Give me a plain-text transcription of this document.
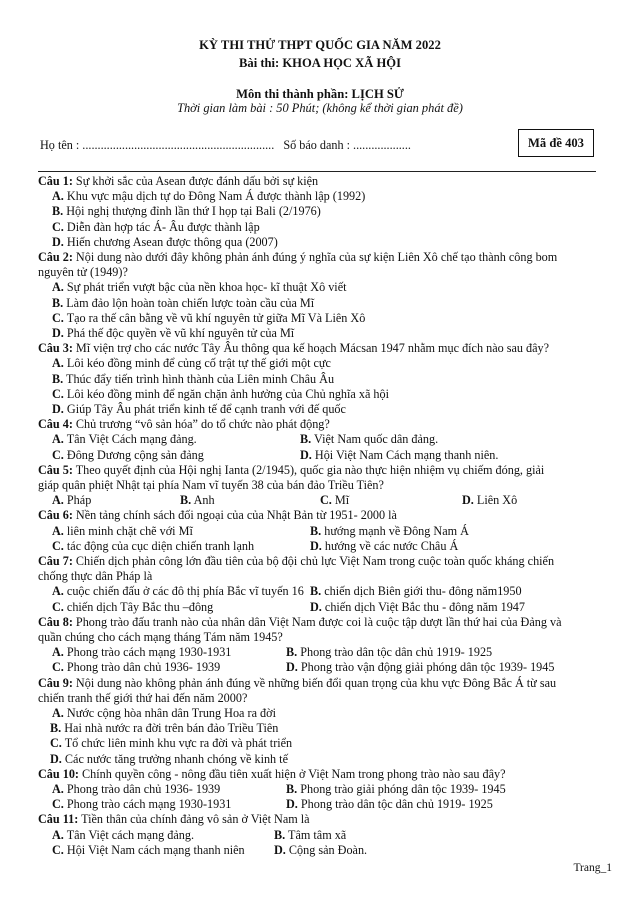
KỲ THI THỬ THPT QUỐC GIA NĂM 2022
Bài thi: KHOA HỌC XÃ HỘI
Môn thi thành phần: LỊCH SỬ
Thời gian làm bài : 50 Phút; (không kể thời gian phát đề)
Họ tên : ............................................................... Số báo danh : ...................	Mã đề 403
Câu 1: Sự khởi sắc của Asean được đánh dấu bởi sự kiện
A. Khu vực mậu dịch tự do Đông Nam Á được thành lập (1992)
B. Hội nghị thượng đỉnh lần thứ I họp tại Bali (2/1976)
C. Diễn đàn hợp tác Á- Âu được thành lập
D. Hiến chương Asean được thông qua (2007)
Câu 2: Nội dung nào dưới đây không phản ánh đúng ý nghĩa của sự kiện Liên Xô chế tạo thành công bom
nguyên tử (1949)?
A. Sự phát triển vượt bậc của nền khoa học- kĩ thuật Xô viết
B. Làm đảo lộn hoàn toàn chiến lược toàn cầu của Mĩ
C. Tạo ra thế cân bằng về vũ khí nguyên tử giữa Mĩ Và Liên Xô
D. Phá thế độc quyền về vũ khí nguyên tử của Mĩ
Câu 3: Mĩ viện trợ cho các nước Tây Âu thông qua kế hoạch Mácsan 1947 nhằm mục đích nào sau đây?
A. Lôi kéo đồng minh để củng cố trật tự thế giới một cực
B. Thúc đẩy tiến trình hình thành của Liên minh Châu Âu
C. Lôi kéo đồng minh để ngăn chặn ảnh hưởng của Chủ nghĩa xã hội
D. Giúp Tây Âu phát triển kinh tế để cạnh tranh với đế quốc
Câu 4: Chủ trương “vô sản hóa” do tổ chức nào phát động?
A. Tân Việt Cách mạng đảng.	B. Việt Nam quốc dân đảng.
C. Đông Dương cộng sản đảng	D. Hội Việt Nam Cách mạng thanh niên.
Câu 5: Theo quyết định của Hội nghị Ianta (2/1945), quốc gia nào thực hiện nhiệm vụ chiếm đóng, giải
giáp quân phiệt Nhật tại phía Nam vĩ tuyến 38 của bán đảo Triều Tiên?
A. Pháp	B. Anh	C. Mĩ	D. Liên Xô
Câu 6: Nền tảng chính sách đối ngoại của của Nhật Bản từ 1951- 2000 là
A. liên minh chặt chẽ với Mĩ	B. hướng mạnh về Đông Nam Á
C. tác động của cục diện chiến tranh lạnh	D. hướng về các nước Châu Á
Câu 7: Chiến dịch phản công lớn đầu tiên của bộ đội chủ lực Việt Nam trong cuộc toàn quốc kháng chiến
chống thực dân Pháp là
A. cuộc chiến đấu ở các đô thị phía Bắc vĩ tuyến 16 B. chiến dịch Biên giới thu- đông năm1950
C. chiến dịch Tây Bắc thu –đông	D. chiến dịch Việt Bắc thu - đông năm 1947
Câu 8: Phong trào đấu tranh nào của nhân dân Việt Nam được coi là cuộc tập dượt lần thứ hai của Đảng và
quần chúng cho cách mạng tháng Tám năm 1945?
A. Phong trào cách mạng 1930-1931	B. Phong trào dân tộc dân chủ 1919- 1925
C. Phong trào dân chủ 1936- 1939	D. Phong trào vận động giải phóng dân tộc 1939- 1945
Câu 9: Nội dung nào không phản ánh đúng về những biến đổi quan trọng của khu vực Đông Bắc Á từ sau
chiến tranh thế giới thứ hai đến năm 2000?
A. Nước cộng hòa nhân dân Trung Hoa ra đời
B. Hai nhà nước ra đời trên bán đảo Triều Tiên
C. Tổ chức liên minh khu vực ra đời và phát triển
D. Các nước tăng trưởng nhanh chóng về kinh tế
Câu 10: Chính quyền công - nông đầu tiên xuất hiện ở Việt Nam trong phong trào nào sau đây?
A. Phong trào dân chủ 1936- 1939	B. Phong trào giải phóng dân tộc 1939- 1945
C. Phong trào cách mạng 1930-1931	D. Phong trào dân tộc dân chủ 1919- 1925
Câu 11: Tiền thân của chính đảng vô sản ở Việt Nam là
A. Tân Việt cách mạng đảng.	B. Tâm tâm xã
C. Hội Việt Nam cách mạng thanh niên D. Cộng sản Đoàn.
Trang_1
